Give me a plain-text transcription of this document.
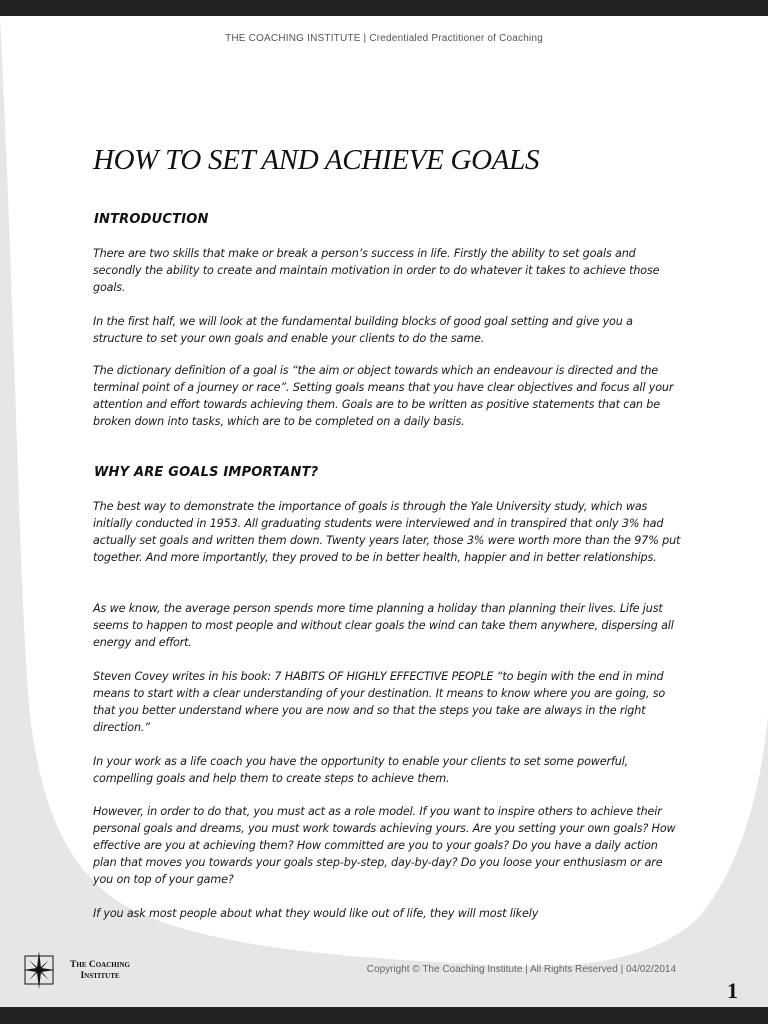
THE COACHING INSTITUTE | Credentialed Practitioner of Coaching
HOW TO SET AND ACHIEVE GOALS
INTRODUCTION

There are two skills that make or break a person’s success in life. Firstly the ability to set goals and secondly the ability to create and maintain motivation in order to do whatever it takes to achieve those goals.

In the first half, we will look at the fundamental building blocks of good goal setting and give you a structure to set your own goals and enable your clients to do the same.

The dictionary definition of a goal is “the aim or object towards which an endeavour is directed and the terminal point of a journey or race”. Setting goals means that you have clear objectives and focus all your attention and effort towards achieving them. Goals are to be written as positive statements that can be broken down into tasks, which are to be completed on a daily basis.

WHY ARE GOALS IMPORTANT?

The best way to demonstrate the importance of goals is through the Yale University study, which was initially conducted in 1953. All graduating students were interviewed and in transpired that only 3% had actually set goals and written them down. Twenty years later, those 3% were worth more than the 97% put together. And more importantly, they proved to be in better health, happier and in better relationships.

As we know, the average person spends more time planning a holiday than planning their lives. Life just seems to happen to most people and without clear goals the wind can take them anywhere, dispersing all energy and effort.

Steven Covey writes in his book: 7 HABITS OF HIGHLY EFFECTIVE PEOPLE “to begin with the end in mind means to start with a clear understanding of your destination. It means to know where you are going, so that you better understand where you are now and so that the steps you take are always in the right direction.”

In your work as a life coach you have the opportunity to enable your clients to set some powerful, compelling goals and help them to create steps to achieve them.

However, in order to do that, you must act as a role model. If you want to inspire others to achieve their personal goals and dreams, you must work towards achieving yours. Are you setting your own goals? How effective are you at achieving them? How committed are you to your goals? Do you have a daily action plan that moves you towards your goals step-by-step, day-by-day? Do you loose your enthusiasm or are you on top of your game?

If you ask most people about what they would like out of life, they will most likely

The Coaching
Institute
Copyright © The Coaching Institute | All Rights Reserved | 04/02/2014
1
